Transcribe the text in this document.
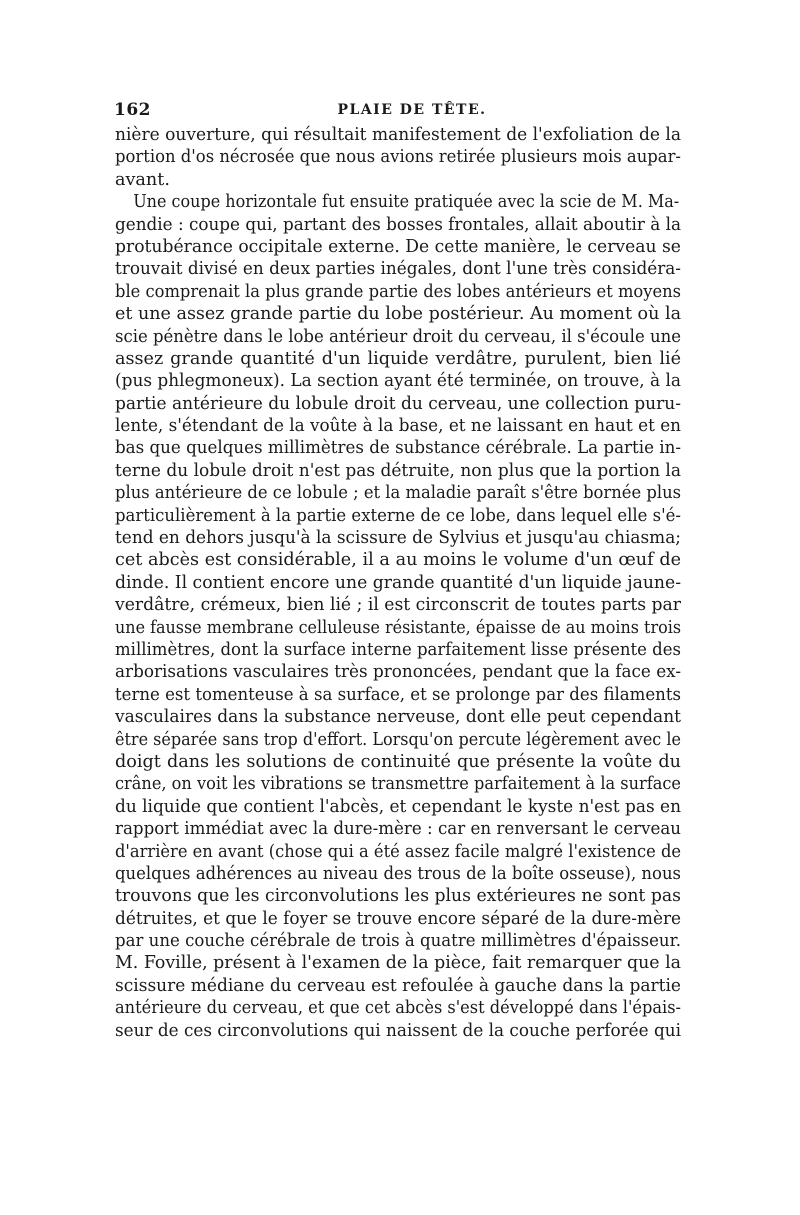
162	PLAIE DE TÊTE.
nière ouverture, qui résultait manifestement de l'exfoliation de la
portion d'os nécrosée que nous avions retirée plusieurs mois aupar-
avant.
Une coupe horizontale fut ensuite pratiquée avec la scie de M. Ma-
gendie : coupe qui, partant des bosses frontales, allait aboutir à la
protubérance occipitale externe. De cette manière, le cerveau se
trouvait divisé en deux parties inégales, dont l'une très considéra-
ble comprenait la plus grande partie des lobes antérieurs et moyens
et une assez grande partie du lobe postérieur. Au moment où la
scie pénètre dans le lobe antérieur droit du cerveau, il s'écoule une
assez grande quantité d'un liquide verdâtre, purulent, bien lié
(pus phlegmoneux). La section ayant été terminée, on trouve, à la
partie antérieure du lobule droit du cerveau, une collection puru-
lente, s'étendant de la voûte à la base, et ne laissant en haut et en
bas que quelques millimètres de substance cérébrale. La partie in-
terne du lobule droit n'est pas détruite, non plus que la portion la
plus antérieure de ce lobule ; et la maladie paraît s'être bornée plus
particulièrement à la partie externe de ce lobe, dans lequel elle s'é-
tend en dehors jusqu'à la scissure de Sylvius et jusqu'au chiasma;
cet abcès est considérable, il a au moins le volume d'un œuf de
dinde. Il contient encore une grande quantité d'un liquide jaune-
verdâtre, crémeux, bien lié ; il est circonscrit de toutes parts par
une fausse membrane celluleuse résistante, épaisse de au moins trois
millimètres, dont la surface interne parfaitement lisse présente des
arborisations vasculaires très prononcées, pendant que la face ex-
terne est tomenteuse à sa surface, et se prolonge par des filaments
vasculaires dans la substance nerveuse, dont elle peut cependant
être séparée sans trop d'effort. Lorsqu'on percute légèrement avec le
doigt dans les solutions de continuité que présente la voûte du
crâne, on voit les vibrations se transmettre parfaitement à la surface
du liquide que contient l'abcès, et cependant le kyste n'est pas en
rapport immédiat avec la dure-mère : car en renversant le cerveau
d'arrière en avant (chose qui a été assez facile malgré l'existence de
quelques adhérences au niveau des trous de la boîte osseuse), nous
trouvons que les circonvolutions les plus extérieures ne sont pas
détruites, et que le foyer se trouve encore séparé de la dure-mère
par une couche cérébrale de trois à quatre millimètres d'épaisseur.
M. Foville, présent à l'examen de la pièce, fait remarquer que la
scissure médiane du cerveau est refoulée à gauche dans la partie
antérieure du cerveau, et que cet abcès s'est développé dans l'épais-
seur de ces circonvolutions qui naissent de la couche perforée qui
